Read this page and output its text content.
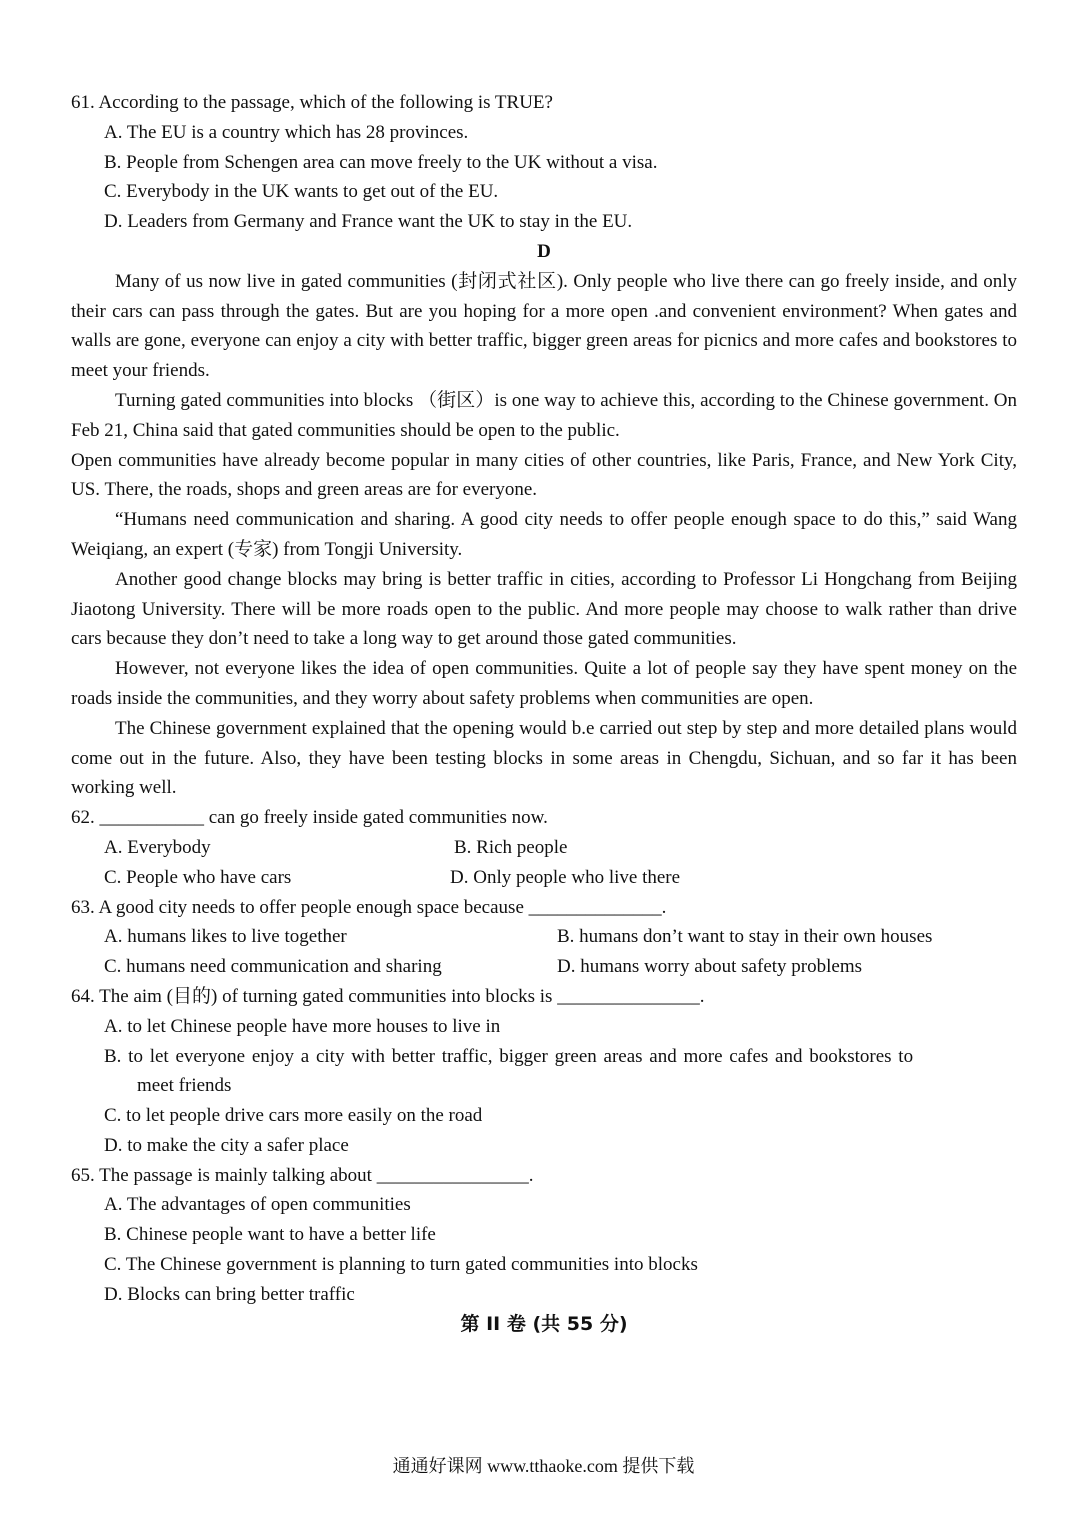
61. According to the passage, which of the following is TRUE?
A. The EU is a country which has 28 provinces.
B. People from Schengen area can move freely to the UK without a visa.
C. Everybody in the UK wants to get out of the EU.
D. Leaders from Germany and France want the UK to stay in the EU.
D

Many of us now live in gated communities (封闭式社区). Only people who live there can go freely inside, and only their cars can pass through the gates. But are you hoping for a more open .and convenient environment? When gates and walls are gone, everyone can enjoy a city with better traffic, bigger green areas for picnics and more cafes and bookstores to meet your friends.

Turning gated communities into blocks （街区）is one way to achieve this, according to the Chinese government. On Feb 21, China said that gated communities should be open to the public.

Open communities have already become popular in many cities of other countries, like Paris, France, and New York City, US. There, the roads, shops and green areas are for everyone.

“Humans need communication and sharing. A good city needs to offer people enough space to do this,” said Wang Weiqiang, an expert (专家) from Tongji University.

Another good change blocks may bring is better traffic in cities, according to Professor Li Hongchang from Beijing Jiaotong University. There will be more roads open to the public. And more people may choose to walk rather than drive cars because they don’t need to take a long way to get around those gated communities.

However, not everyone likes the idea of open communities. Quite a lot of people say they have spent money on the roads inside the communities, and they worry about safety problems when communities are open.

The Chinese government explained that the opening would b.e carried out step by step and more detailed plans would come out in the future. Also, they have been testing blocks in some areas in Chengdu, Sichuan, and so far it has been working well.

62. ___________ can go freely inside gated communities now.
A. Everybody	B. Rich people
C. People who have cars	D. Only people who live there
63. A good city needs to offer people enough space because ______________.
A. humans likes to live together	B. humans don’t want to stay in their own houses
C. humans need communication and sharing	D. humans worry about safety problems
64. The aim (目的) of turning gated communities into blocks is _______________.
A. to let Chinese people have more houses to live in
B. to let everyone enjoy a city with better traffic, bigger green areas and more cafes and bookstores to
meet friends
C. to let people drive cars more easily on the road
D. to make the city a safer place
65. The passage is mainly talking about ________________.
A. The advantages of open communities
B. Chinese people want to have a better life
C. The Chinese government is planning to turn gated communities into blocks
D. Blocks can bring better traffic
第 II 卷 (共 55 分)
通通好课网 www.tthaoke.com 提供下载
